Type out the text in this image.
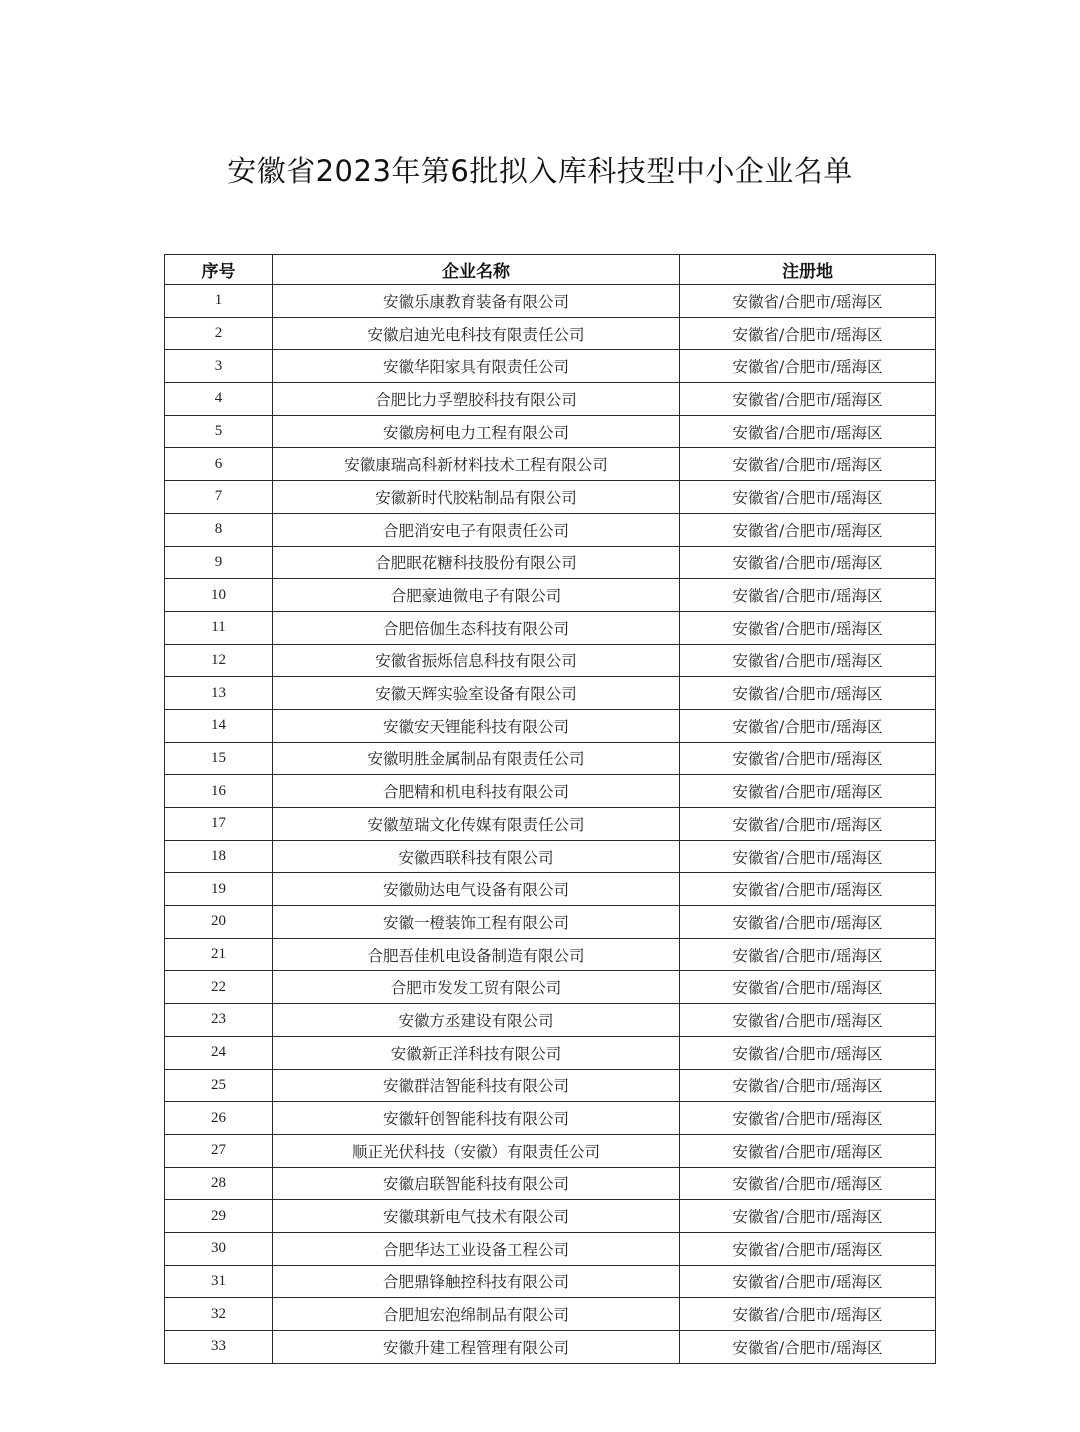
安徽省2023年第6批拟入库科技型中小企业名单
序号	企业名称	注册地
1	安徽乐康教育装备有限公司	安徽省/合肥市/瑶海区
2	安徽启迪光电科技有限责任公司	安徽省/合肥市/瑶海区
3	安徽华阳家具有限责任公司	安徽省/合肥市/瑶海区
4	合肥比力孚塑胶科技有限公司	安徽省/合肥市/瑶海区
5	安徽房柯电力工程有限公司	安徽省/合肥市/瑶海区
6	安徽康瑞高科新材料技术工程有限公司	安徽省/合肥市/瑶海区
7	安徽新时代胶粘制品有限公司	安徽省/合肥市/瑶海区
8	合肥消安电子有限责任公司	安徽省/合肥市/瑶海区
9	合肥眠花糖科技股份有限公司	安徽省/合肥市/瑶海区
10	合肥豪迪微电子有限公司	安徽省/合肥市/瑶海区
11	合肥倍伽生态科技有限公司	安徽省/合肥市/瑶海区
12	安徽省振烁信息科技有限公司	安徽省/合肥市/瑶海区
13	安徽天辉实验室设备有限公司	安徽省/合肥市/瑶海区
14	安徽安天锂能科技有限公司	安徽省/合肥市/瑶海区
15	安徽明胜金属制品有限责任公司	安徽省/合肥市/瑶海区
16	合肥精和机电科技有限公司	安徽省/合肥市/瑶海区
17	安徽堃瑞文化传媒有限责任公司	安徽省/合肥市/瑶海区
18	安徽西联科技有限公司	安徽省/合肥市/瑶海区
19	安徽勋达电气设备有限公司	安徽省/合肥市/瑶海区
20	安徽一橙装饰工程有限公司	安徽省/合肥市/瑶海区
21	合肥吾佳机电设备制造有限公司	安徽省/合肥市/瑶海区
22	合肥市发发工贸有限公司	安徽省/合肥市/瑶海区
23	安徽方丞建设有限公司	安徽省/合肥市/瑶海区
24	安徽新正洋科技有限公司	安徽省/合肥市/瑶海区
25	安徽群洁智能科技有限公司	安徽省/合肥市/瑶海区
26	安徽轩创智能科技有限公司	安徽省/合肥市/瑶海区
27	顺正光伏科技（安徽）有限责任公司	安徽省/合肥市/瑶海区
28	安徽启联智能科技有限公司	安徽省/合肥市/瑶海区
29	安徽琪新电气技术有限公司	安徽省/合肥市/瑶海区
30	合肥华达工业设备工程公司	安徽省/合肥市/瑶海区
31	合肥鼎锋触控科技有限公司	安徽省/合肥市/瑶海区
32	合肥旭宏泡绵制品有限公司	安徽省/合肥市/瑶海区
33	安徽升建工程管理有限公司	安徽省/合肥市/瑶海区
